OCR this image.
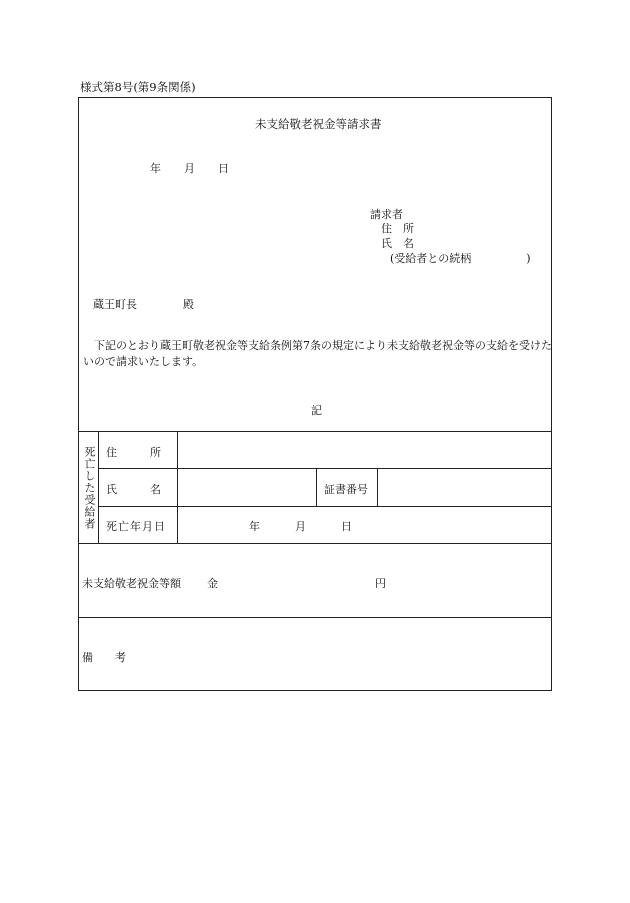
様式第8号(第9条関係)
未支給敬老祝金等請求書
年 月 日
請求者
住　所
氏　名
(受給者との続柄　　　　　)
蔵王町長	殿
下記のとおり蔵王町敬老祝金等支給条例第7条の規定により未支給敬老祝金等の支給を受けたいので請求いたします。
記
死亡した受給者 住　　　所
氏　　　名	証書番号
死亡年月日	年	月	日
未支給敬老祝金等額 金	円
備　　考
